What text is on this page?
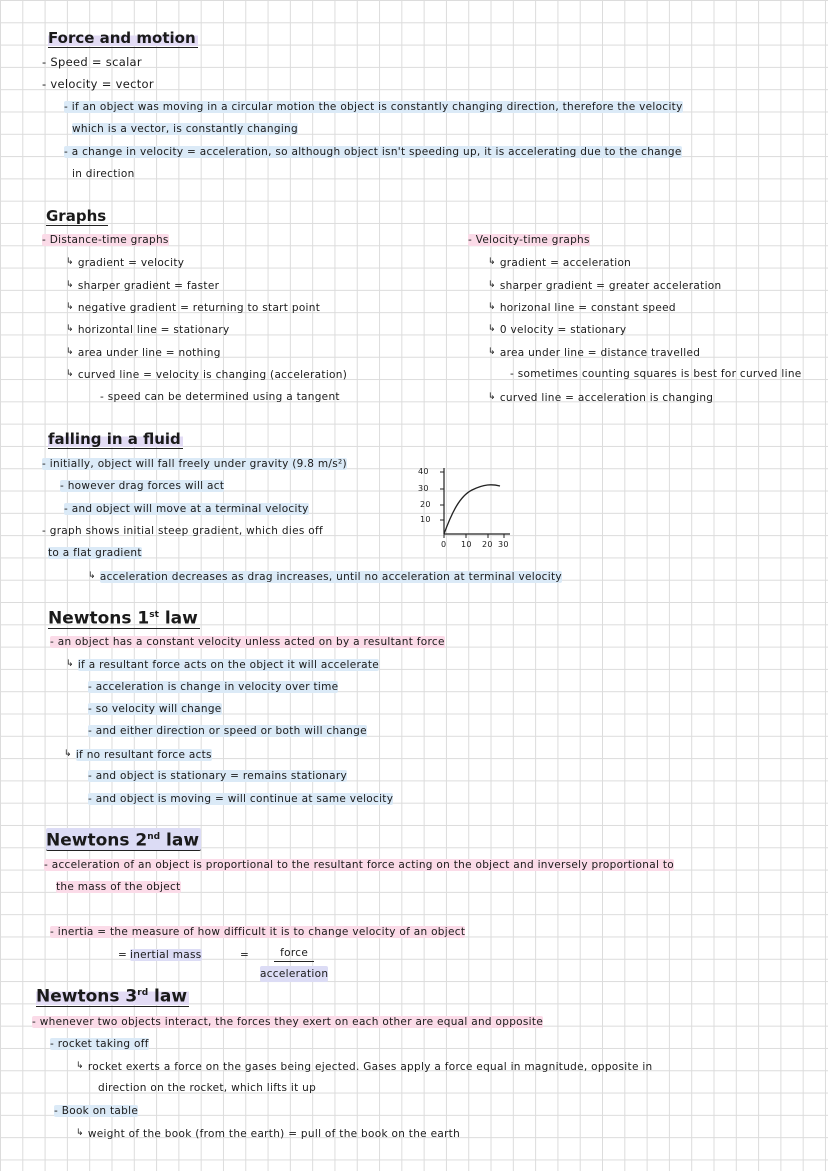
Force and motion
- Speed = scalar
- velocity = vector
- if an object was moving in a circular motion the object is constantly changing direction, therefore the velocity
which is a vector, is constantly changing
- a change in velocity = acceleration, so although object isn't speeding up, it is accelerating due to the change
in direction
Graphs
- Distance-time graphs
↳ gradient = velocity
↳ sharper gradient = faster
↳ negative gradient = returning to start point
↳ horizontal line = stationary
↳ area under line = nothing
↳ curved line = velocity is changing (acceleration)
- speed can be determined using a tangent
- Velocity-time graphs
↳ gradient = acceleration
↳ sharper gradient = greater acceleration
↳ horizonal line = constant speed
↳ 0 velocity = stationary
↳ area under line = distance travelled
- sometimes counting squares is best for curved line
↳ curved line = acceleration is changing
falling in a fluid
- initially, object will fall freely under gravity (9.8 m/s²)
- however drag forces will act
- and object will move at a terminal velocity
- graph shows initial steep gradient, which dies off
to a flat gradient
↳ acceleration decreases as drag increases, until no acceleration at terminal velocity
40
30
20
10
0 10 20 30
Newtons 1st law
- an object has a constant velocity unless acted on by a resultant force
↳ if a resultant force acts on the object it will accelerate
- acceleration is change in velocity over time
- so velocity will change
- and either direction or speed or both will change
↳ if no resultant force acts
- and object is stationary = remains stationary
- and object is moving = will continue at same velocity
Newtons 2nd law
- acceleration of an object is proportional to the resultant force acting on the object and inversely proportional to
the mass of the object
- inertia = the measure of how difficult it is to change velocity of an object
= inertial mass	=	force
acceleration
Newtons 3rd law
- whenever two objects interact, the forces they exert on each other are equal and opposite
- rocket taking off
↳ rocket exerts a force on the gases being ejected. Gases apply a force equal in magnitude, opposite in
direction on the rocket, which lifts it up
- Book on table
↳ weight of the book (from the earth) = pull of the book on the earth
